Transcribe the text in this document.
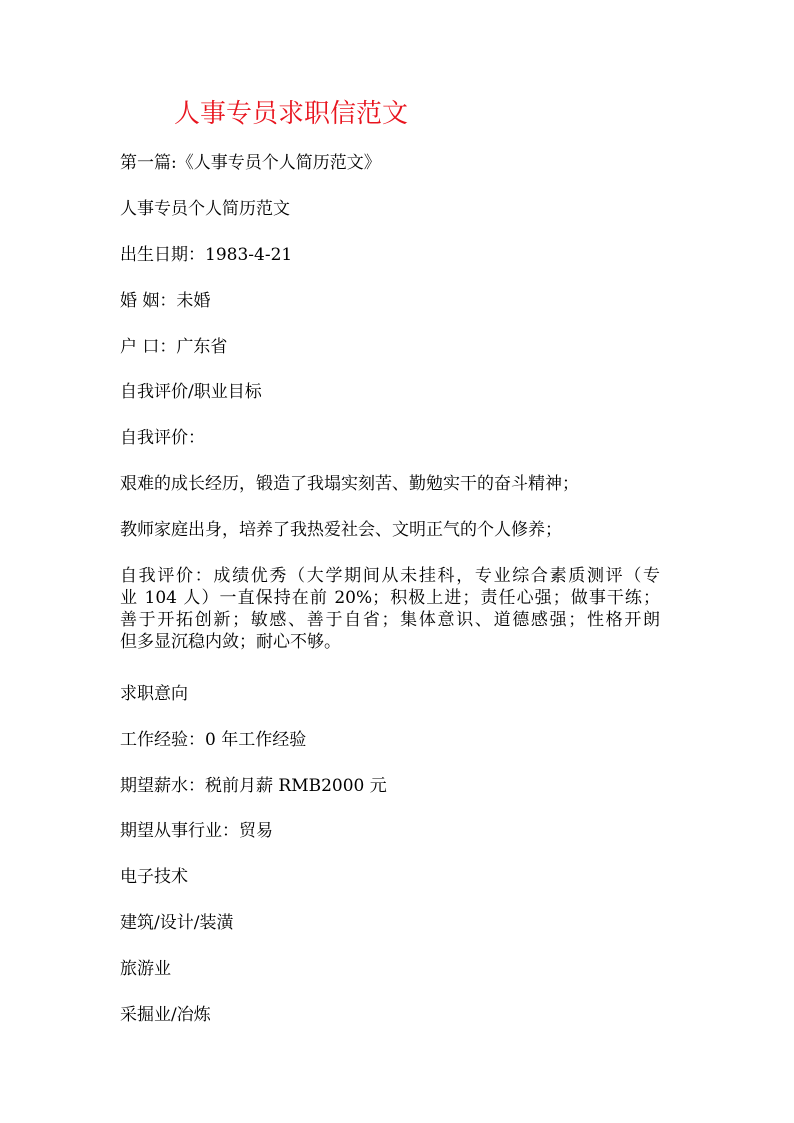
人事专员求职信范文
第一篇:《人事专员个人简历范文》
人事专员个人简历范文
出生日期：1983-4-21
婚 姻：未婚
户 口：广东省
自我评价/职业目标
自我评价：
艰难的成长经历，锻造了我塌实刻苦、勤勉实干的奋斗精神；
教师家庭出身，培养了我热爱社会、文明正气的个人修养；
自我评价：成绩优秀（大学期间从未挂科，专业综合素质测评（专
业 104 人）一直保持在前 20%；积极上进；责任心强；做事干练；
善于开拓创新；敏感、善于自省；集体意识、道德感强；性格开朗
但多显沉稳内敛；耐心不够。
求职意向
工作经验：0 年工作经验
期望薪水：税前月薪 RMB2000 元
期望从事行业：贸易
电子技术
建筑/设计/装潢
旅游业
采掘业/冶炼
